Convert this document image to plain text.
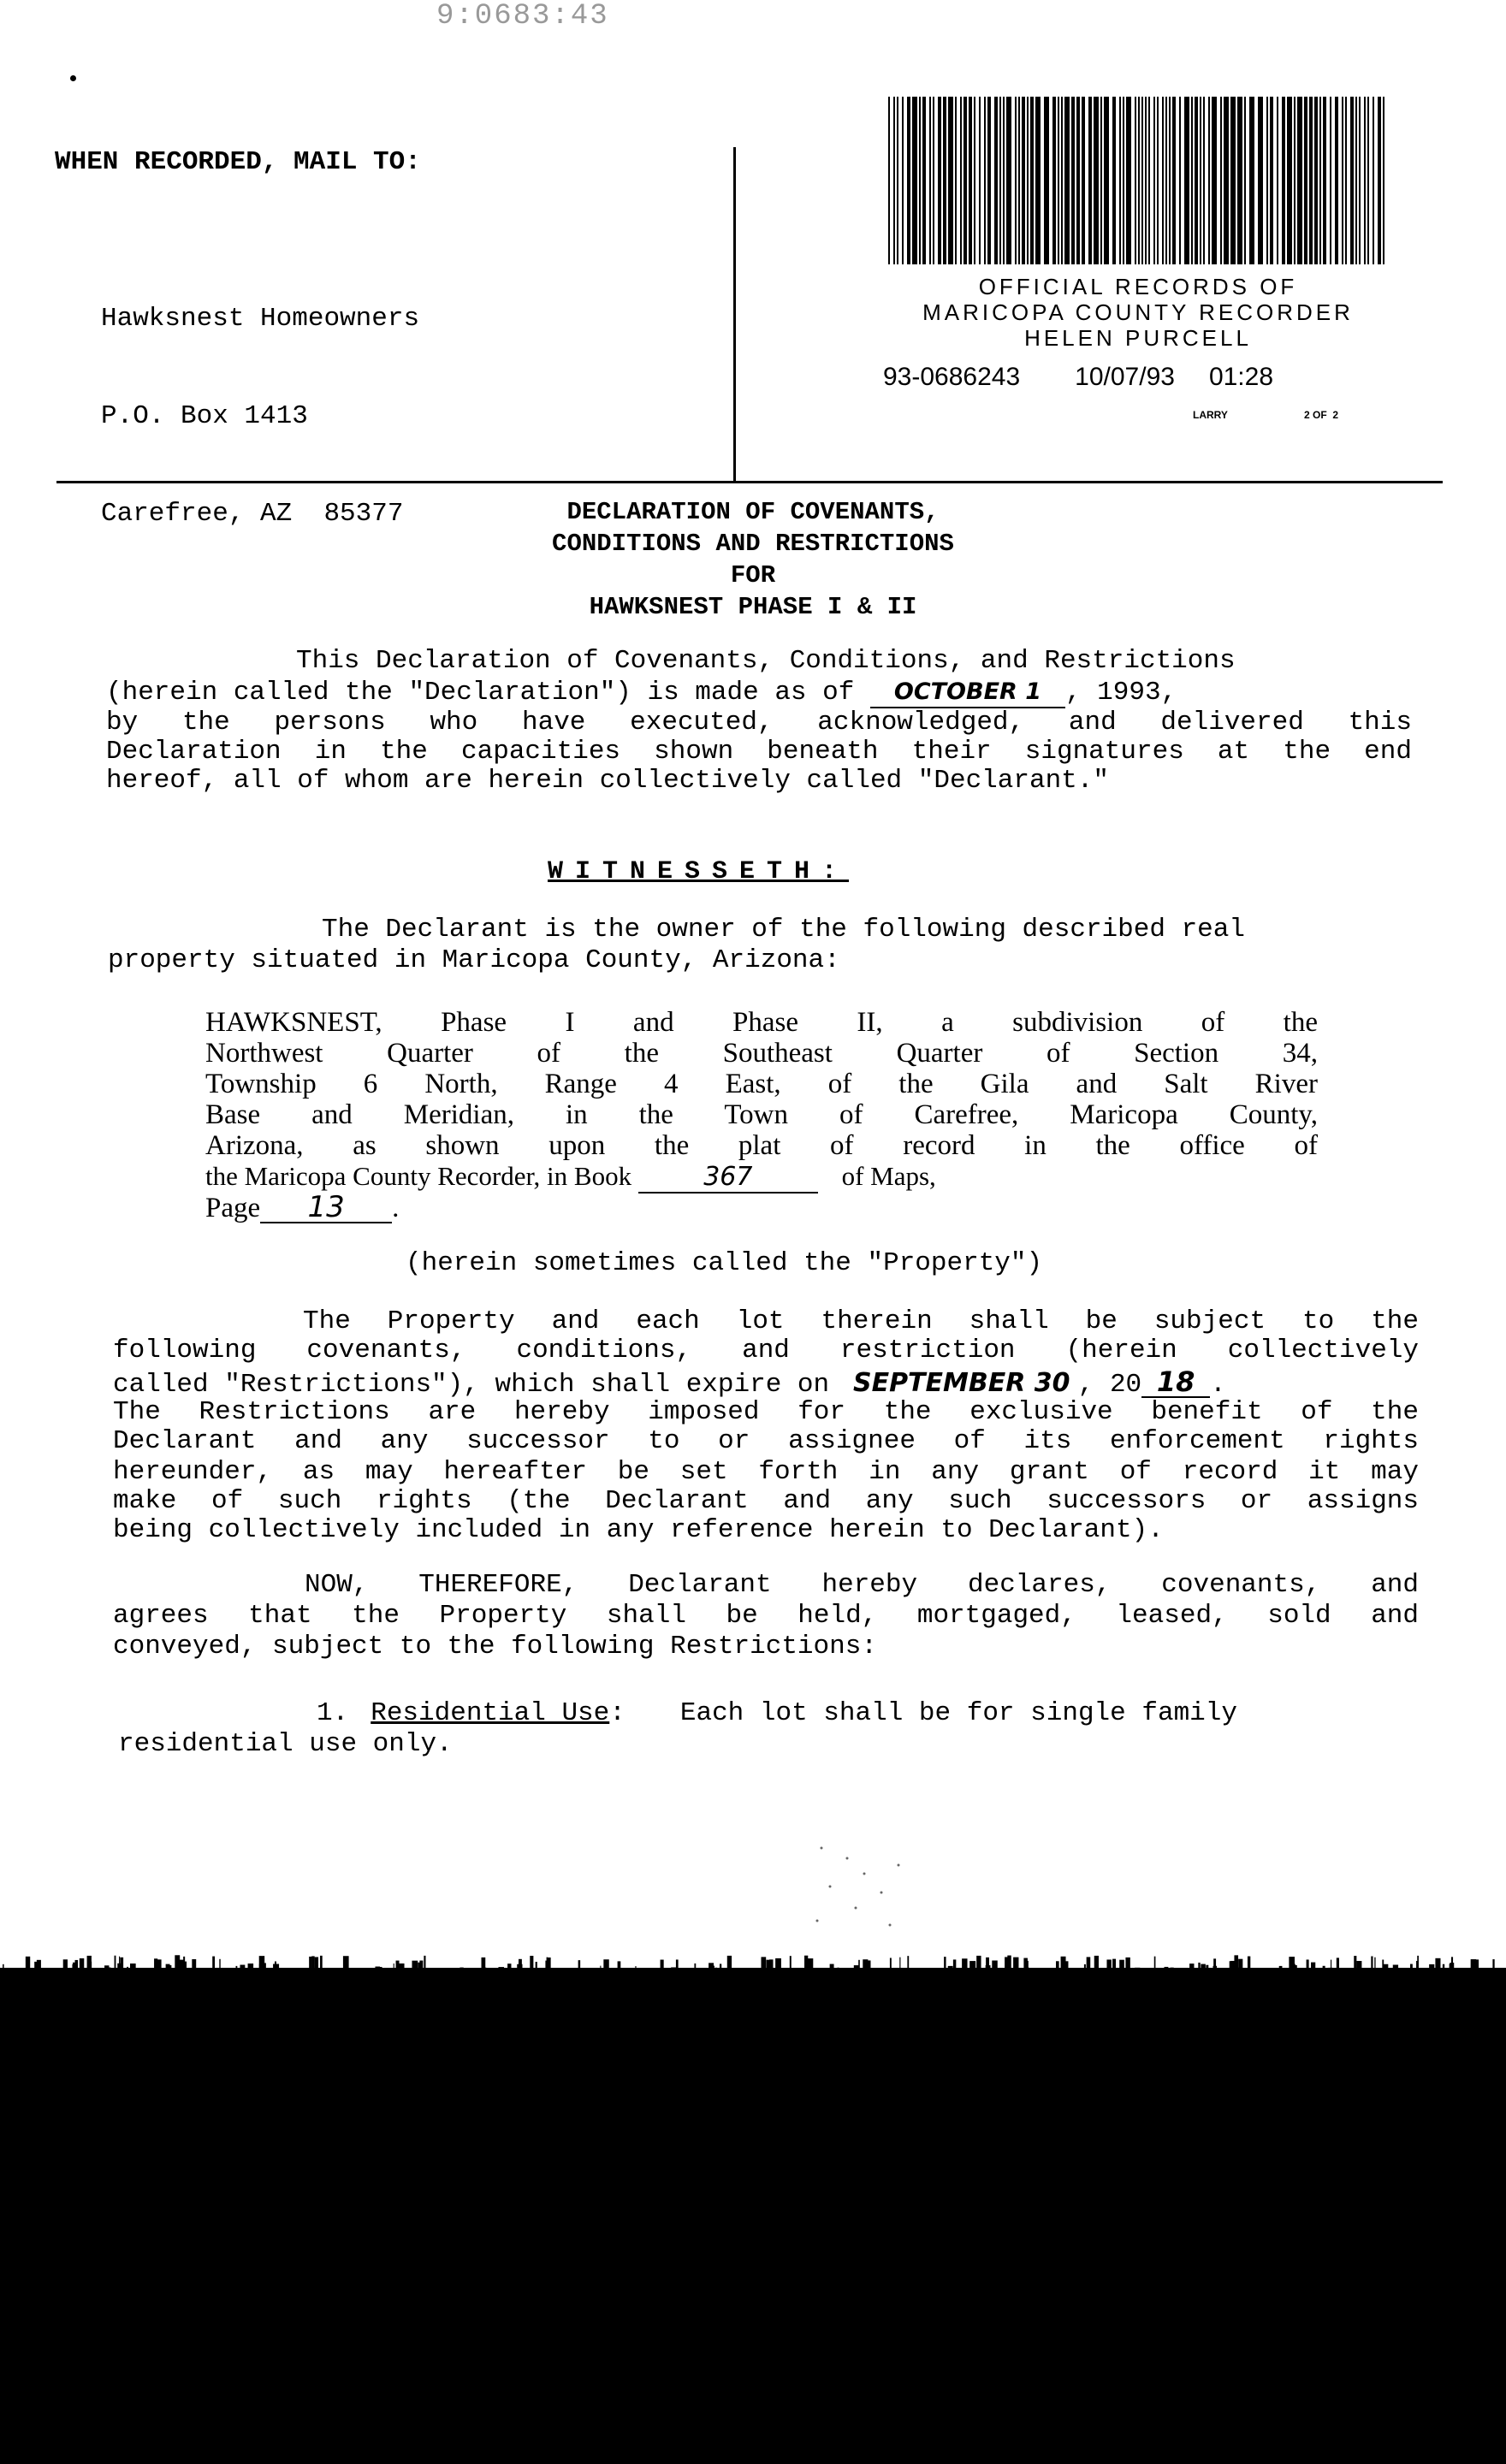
9:0683:43
WHEN RECORDED, MAIL TO:

Hawksnest Homeowners

P.O. Box 1413

Carefree, AZ  85377

OFFICIAL RECORDS OF
MARICOPA COUNTY RECORDER
HELEN PURCELL
93-0686243 10/07/93 01:28
LARRY	2 OF  2
DECLARATION OF COVENANTS,
CONDITIONS AND RESTRICTIONS
FOR
HAWKSNEST PHASE I & II
This Declaration of Covenants, Conditions, and Restrictions
(herein called the "Declaration") is made as of OCTOBER 1 , 1993,
by the persons who have executed, acknowledged, and delivered this
Declaration in the capacities shown beneath their signatures at the end
hereof, all of whom are herein collectively called "Declarant."
WITNESSETH:
The Declarant is the owner of the following described real
property situated in Maricopa County, Arizona:
HAWKSNEST, Phase I and Phase II, a subdivision of the
Northwest Quarter of the Southeast Quarter of Section 34,
Township 6 North, Range 4 East, of the Gila and Salt River
Base and Meridian, in the Town of Carefree, Maricopa County,
Arizona, as shown upon the plat of record in the office of
the Maricopa County Recorder, in Book	367	of Maps,
Page 13 .
(herein sometimes called the "Property")
The Property and each lot therein shall be subject to the
following covenants, conditions, and restriction (herein collectively
called "Restrictions"), which shall expire on SEPTEMBER 30 , 20 18 .
The Restrictions are hereby imposed for the exclusive benefit of the
Declarant and any successor to or assignee of its enforcement rights
hereunder, as may hereafter be set forth in any grant of record it may
make of such rights (the Declarant and any such successors or assigns
being collectively included in any reference herein to Declarant).
NOW, THEREFORE, Declarant hereby declares, covenants, and
agrees that the Property shall be held, mortgaged, leased, sold and
conveyed, subject to the following Restrictions:
1. Residential Use: Each lot shall be for single family
residential use only.
